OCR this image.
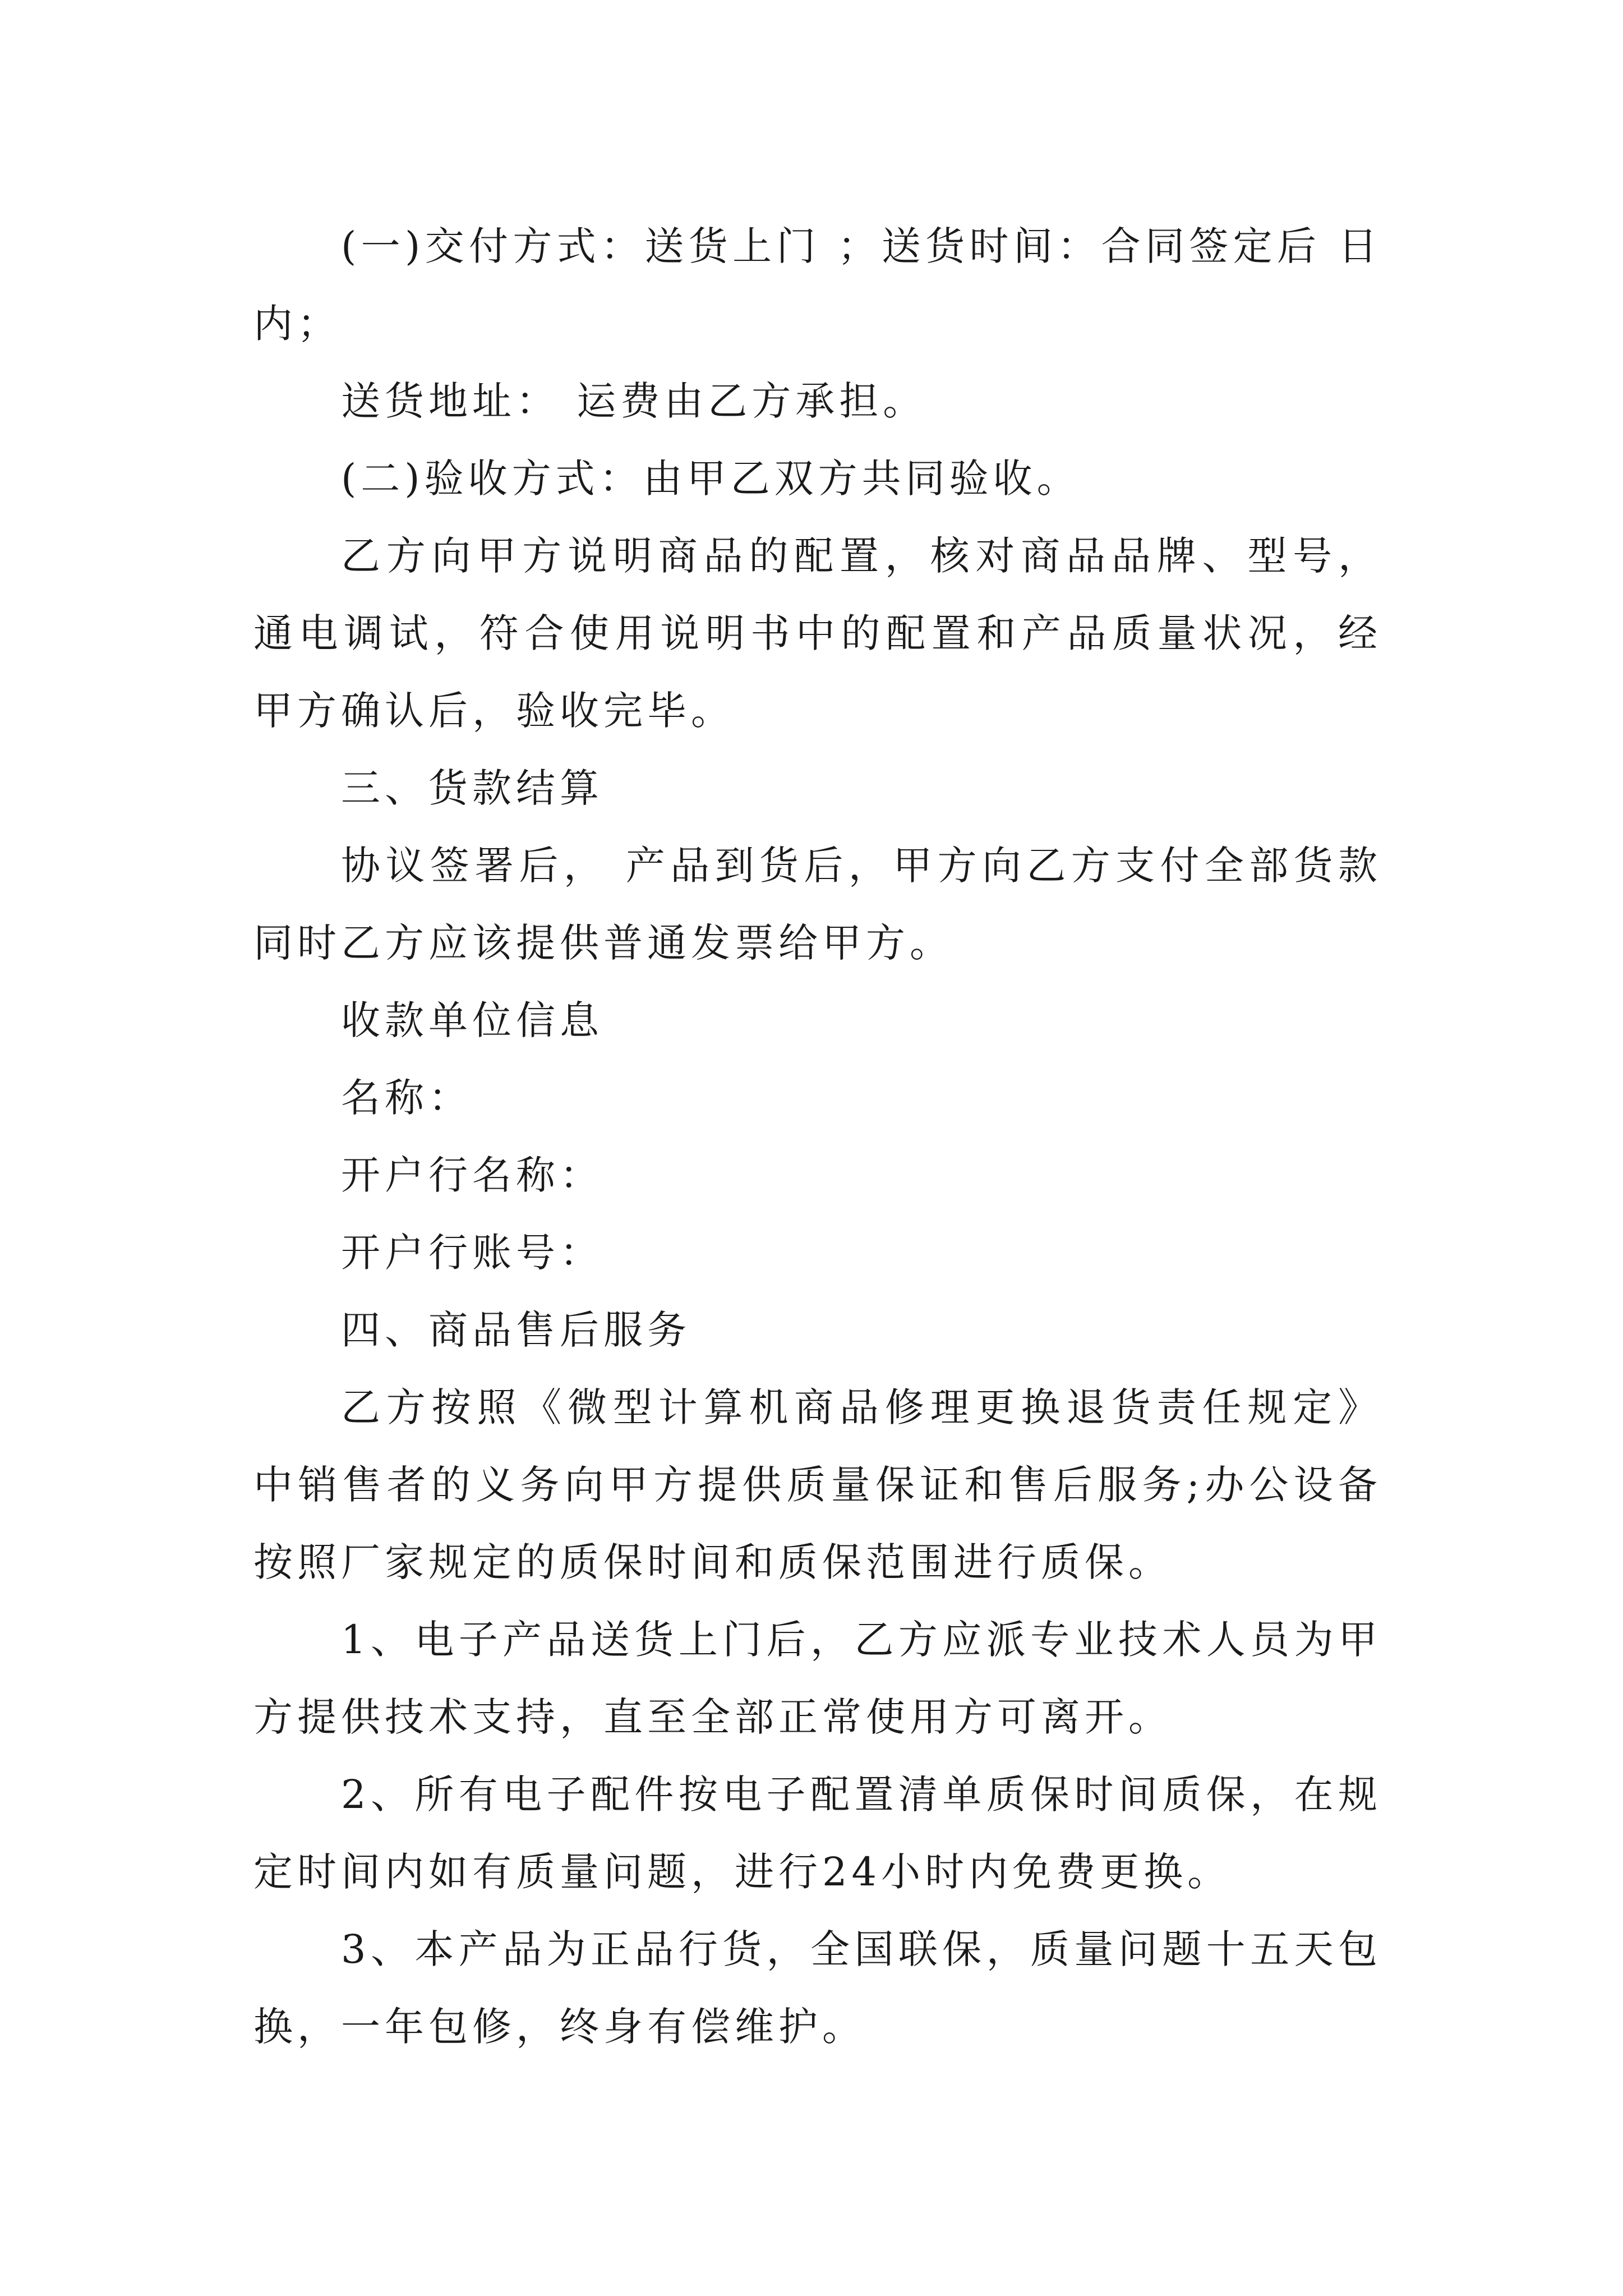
(一)交付方式：送货上门 ；送货时间：合同签定后 日内；

送货地址： 运费由乙方承担。

(二)验收方式：由甲乙双方共同验收。

乙方向甲方说明商品的配置，核对商品品牌、型号，通电调试，符合使用说明书中的配置和产品质量状况，经甲方确认后，验收完毕。

三、货款结算

协议签署后， 产品到货后，甲方向乙方支付全部货款同时乙方应该提供普通发票给甲方。

收款单位信息

名称：

开户行名称：

开户行账号：

四、商品售后服务

乙方按照《微型计算机商品修理更换退货责任规定》中销售者的义务向甲方提供质量保证和售后服务;办公设备按照厂家规定的质保时间和质保范围进行质保。

1、电子产品送货上门后，乙方应派专业技术人员为甲方提供技术支持，直至全部正常使用方可离开。

2、所有电子配件按电子配置清单质保时间质保，在规定时间内如有质量问题，进行24小时内免费更换。

3、本产品为正品行货，全国联保，质量问题十五天包换，一年包修，终身有偿维护。
